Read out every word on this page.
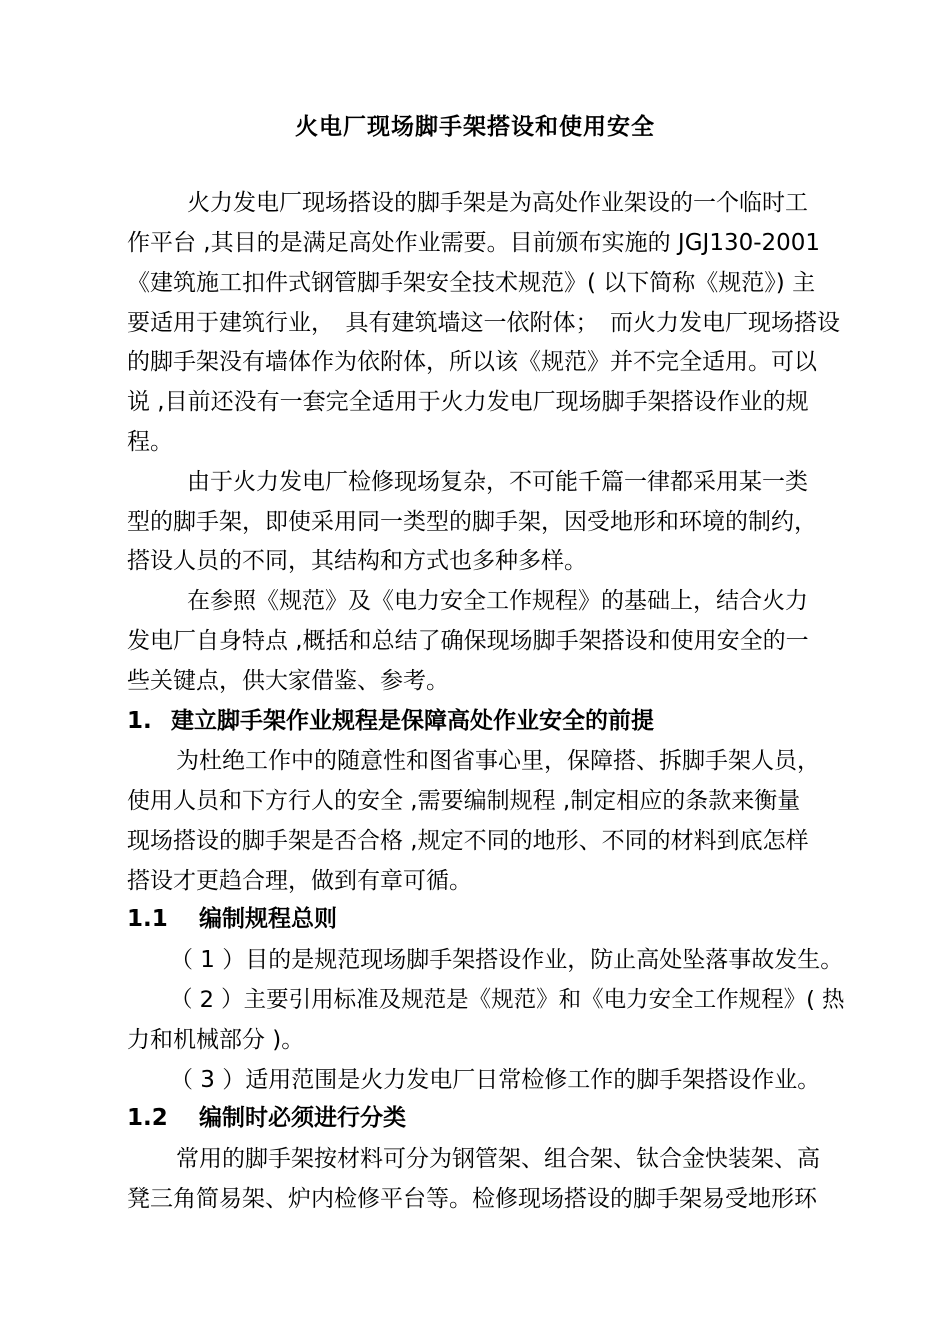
火电厂现场脚手架搭设和使用安全
火力发电厂现场搭设的脚手架是为高处作业架设的一个临时工
作平台 ,其目的是满足高处作业需要。目前颁布实施的 JGJ130-2001
《建筑施工扣件式钢管脚手架安全技术规范》( 以下简称《规范》) 主
要适用于建筑行业，　具有建筑墙这一依附体；　而火力发电厂现场搭设
的脚手架没有墙体作为依附体，所以该《规范》并不完全适用。可以
说 ,目前还没有一套完全适用于火力发电厂现场脚手架搭设作业的规
程。
由于火力发电厂检修现场复杂，不可能千篇一律都采用某一类
型的脚手架，即使采用同一类型的脚手架，因受地形和环境的制约，
搭设人员的不同，其结构和方式也多种多样。
在参照《规范》及《电力安全工作规程》的基础上，结合火力
发电厂自身特点 ,概括和总结了确保现场脚手架搭设和使用安全的一
些关键点，供大家借鉴、参考。
1. 建立脚手架作业规程是保障高处作业安全的前提
为杜绝工作中的随意性和图省事心里，保障搭、拆脚手架人员，
使用人员和下方行人的安全 ,需要编制规程 ,制定相应的条款来衡量
现场搭设的脚手架是否合格 ,规定不同的地形、不同的材料到底怎样
搭设才更趋合理，做到有章可循。
1.1 编制规程总则
（ 1 ）目的是规范现场脚手架搭设作业，防止高处坠落事故发生。
（ 2 ）主要引用标准及规范是《规范》和《电力安全工作规程》( 热
力和机械部分 )。
（ 3 ）适用范围是火力发电厂日常检修工作的脚手架搭设作业。
1.2 编制时必须进行分类
常用的脚手架按材料可分为钢管架、组合架、钛合金快装架、高
凳三角简易架、炉内检修平台等。检修现场搭设的脚手架易受地形环
